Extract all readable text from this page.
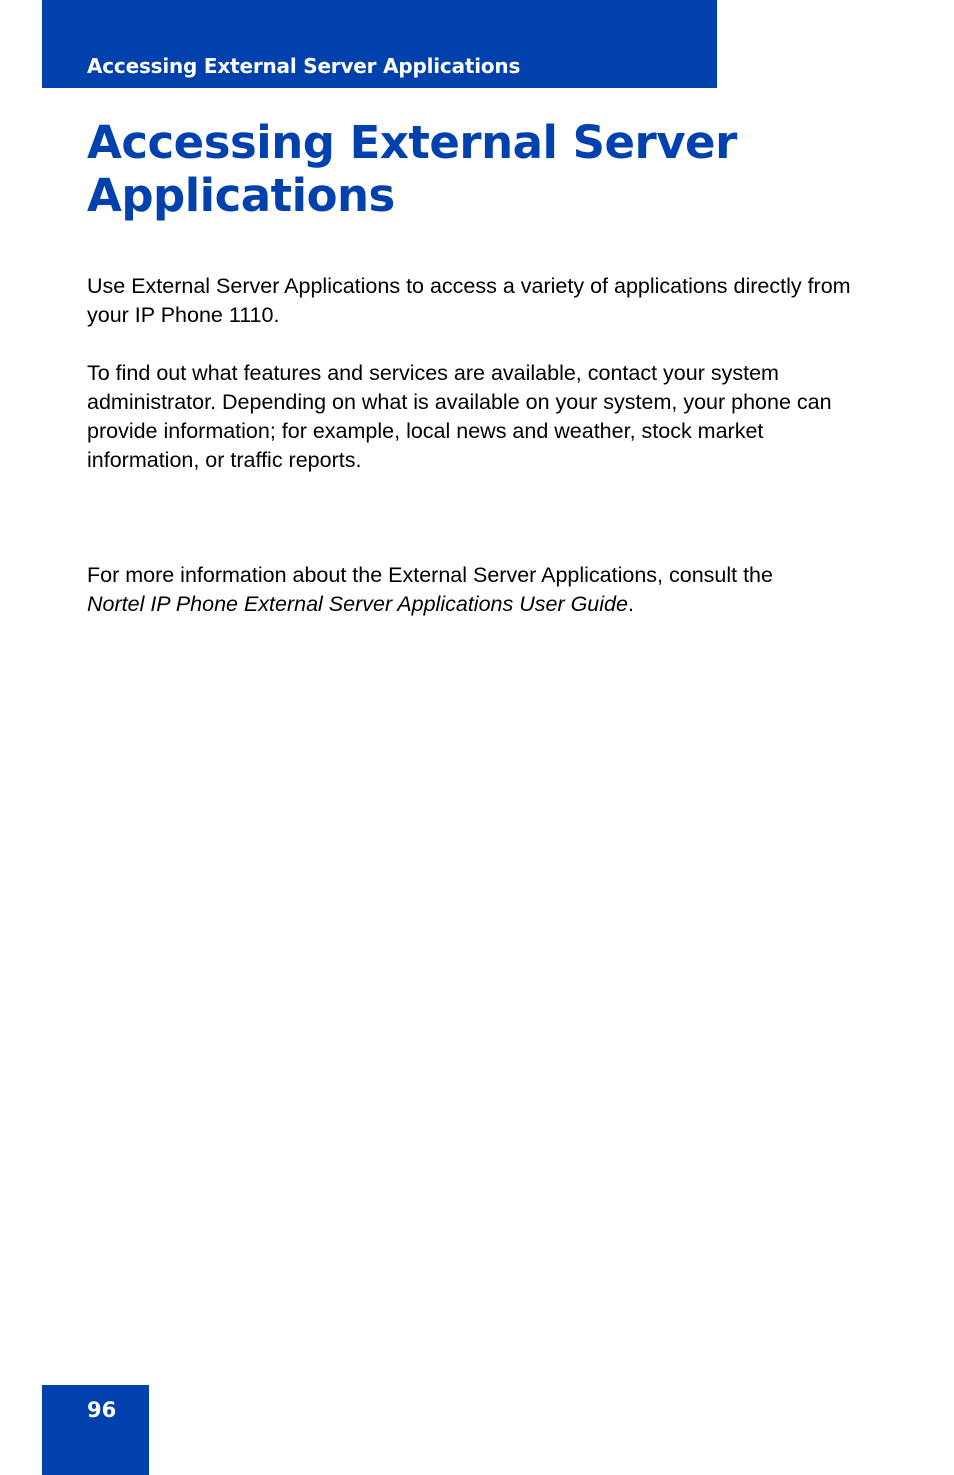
Accessing External Server Applications
Accessing External Server Applications

Use External Server Applications to access a variety of applications directly from your IP Phone 1110.

To find out what features and services are available, contact your system administrator. Depending on what is available on your system, your phone can provide information; for example, local news and weather, stock market information, or traffic reports.

For more information about the External Server Applications, consult the
Nortel IP Phone External Server Applications User Guide.

96
